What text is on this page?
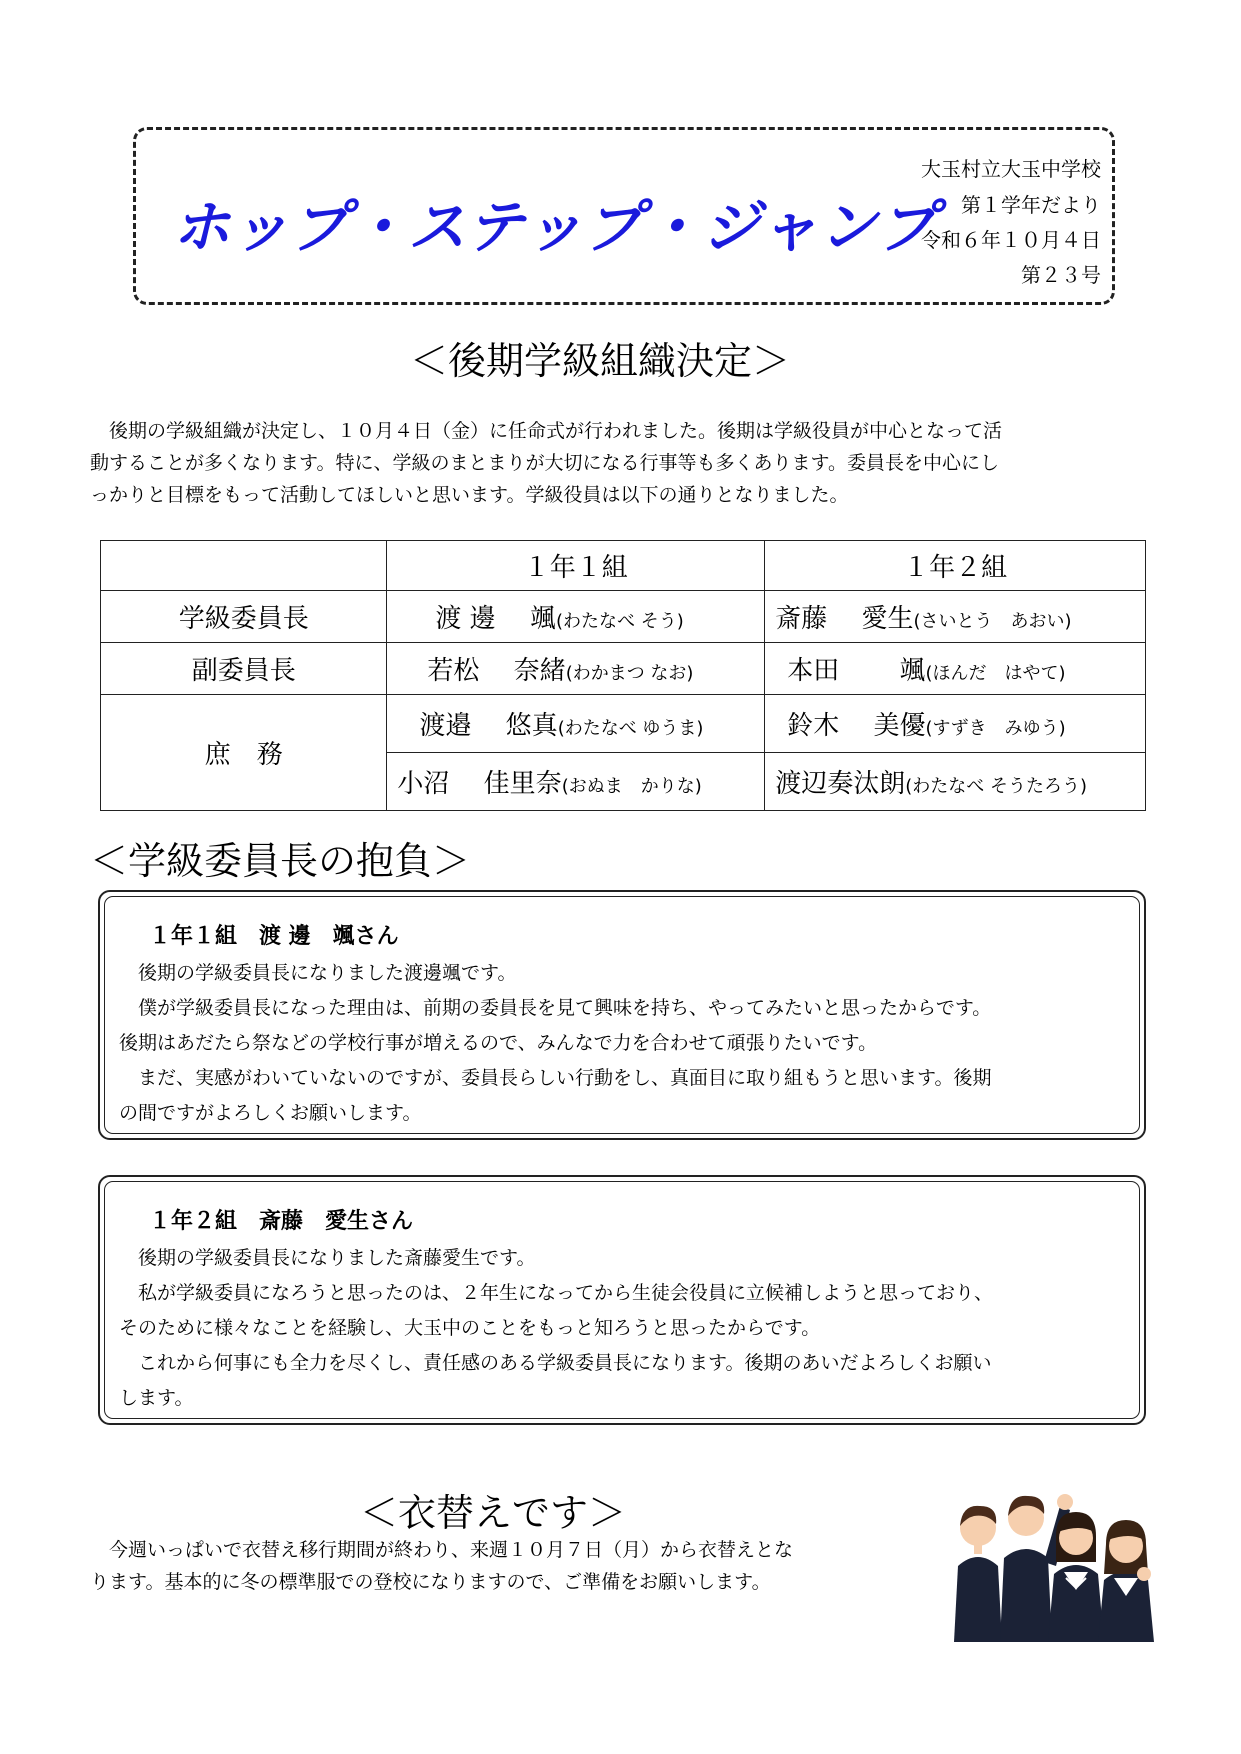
ホップ・ステップ・ジャンプ
大玉村立大玉中学校
第１学年だより
令和６年１０月４日
第２３号
＜後期学級組織決定＞

　後期の学級組織が決定し、１０月４日（金）に任命式が行われました。後期は学級役員が中心となって活

動することが多くなります。特に、学級のまとまりが大切になる行事等も多くあります。委員長を中心にし

っかりと目標をもって活動してほしいと思います。学級役員は以下の通りとなりました。

	１年１組	１年２組
学級委員長	渡 邊　 颯(わたなべ そう)	斎藤　 愛生(さいとう　あおい)
副委員長	若松　 奈緒(わかまつ なお)	本田　　 颯(ほんだ　はやて)
庶　務	渡邉　 悠真(わたなべ ゆうま)	鈴木　 美優(すずき　みゆう)
	小沼　 佳里奈(おぬま　かりな)	渡辺奏汰朗(わたなべ そうたろう)
＜学級委員長の抱負＞
１年１組　渡 邊　颯さん

後期の学級委員長になりました渡邊颯です。

僕が学級委員長になった理由は、前期の委員長を見て興味を持ち、やってみたいと思ったからです。

後期はあだたら祭などの学校行事が増えるので、みんなで力を合わせて頑張りたいです。

まだ、実感がわいていないのですが、委員長らしい行動をし、真面目に取り組もうと思います。後期

の間ですがよろしくお願いします。

１年２組　斎藤　愛生さん

後期の学級委員長になりました斎藤愛生です。

私が学級委員になろうと思ったのは、２年生になってから生徒会役員に立候補しようと思っており、

そのために様々なことを経験し、大玉中のことをもっと知ろうと思ったからです。

これから何事にも全力を尽くし、責任感のある学級委員長になります。後期のあいだよろしくお願い

します。

＜衣替えです＞

　今週いっぱいで衣替え移行期間が終わり、来週１０月７日（月）から衣替えとな

ります。基本的に冬の標準服での登校になりますので、ご準備をお願いします。
